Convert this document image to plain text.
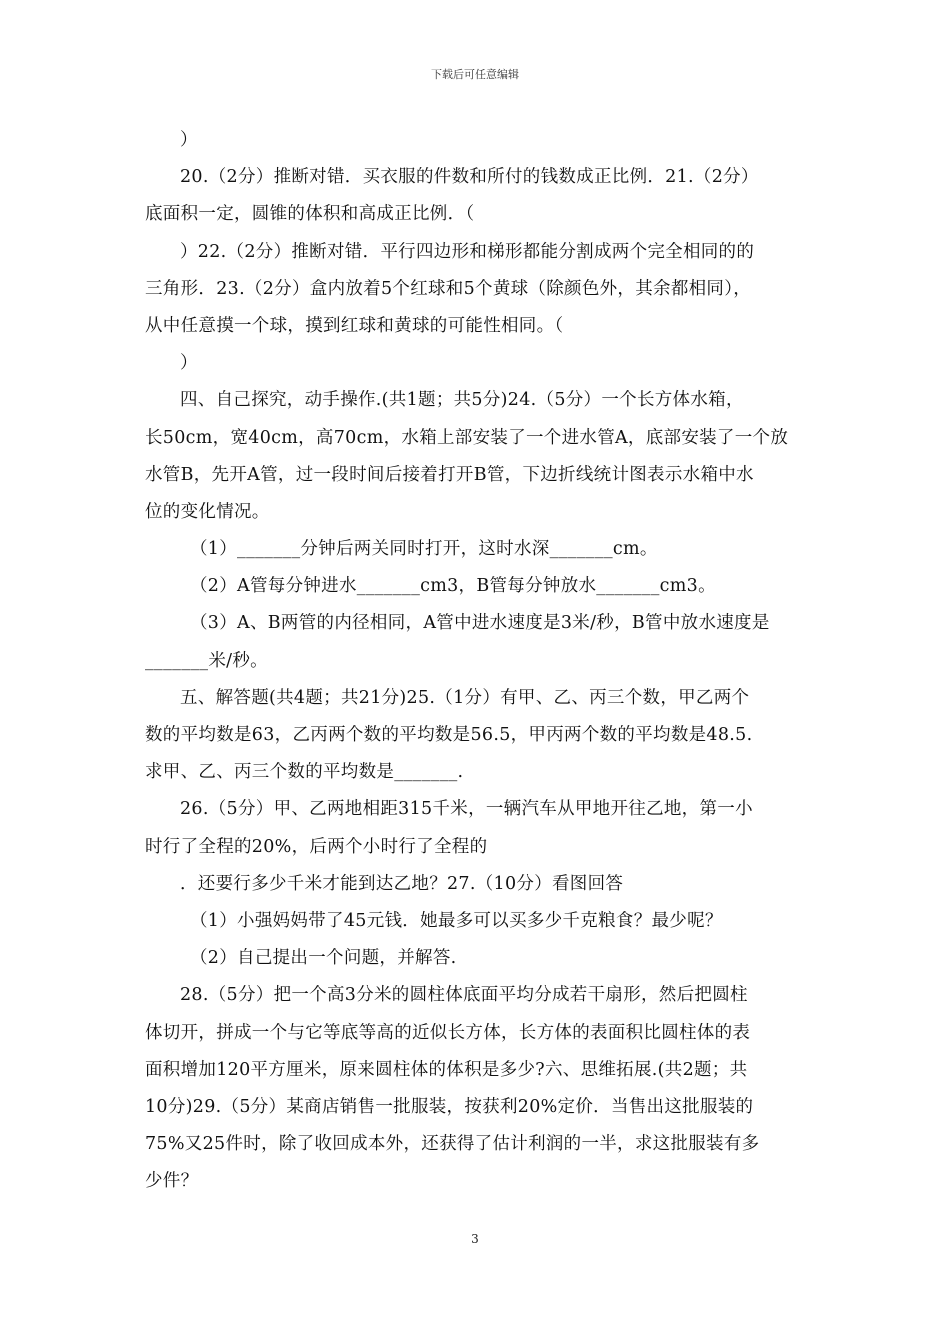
下载后可任意编辑
）
20.（2分）推断对错．买衣服的件数和所付的钱数成正比例．21.（2分）
底面积一定，圆锥的体积和高成正比例．（
）22.（2分）推断对错．平行四边形和梯形都能分割成两个完全相同的的
三角形．23.（2分）盒内放着5个红球和5个黄球（除颜色外，其余都相同），
从中任意摸一个球，摸到红球和黄球的可能性相同。（
）
四、自己探究，动手操作.(共1题；共5分)24.（5分）一个长方体水箱，
长50cm，宽40cm，高70cm，水箱上部安装了一个进水管A，底部安装了一个放
水管B，先开A管，过一段时间后接着打开B管，下边折线统计图表示水箱中水
位的变化情况。
（1）_______分钟后两关同时打开，这时水深_______cm。
（2）A管每分钟进水_______cm3，B管每分钟放水_______cm3。
（3）A、B两管的内径相同，A管中进水速度是3米/秒，B管中放水速度是
_______米/秒。
五、解答题(共4题；共21分)25.（1分）有甲、乙、丙三个数，甲乙两个
数的平均数是63，乙丙两个数的平均数是56.5，甲丙两个数的平均数是48.5.
求甲、乙、丙三个数的平均数是_______.
26.（5分）甲、乙两地相距315千米，一辆汽车从甲地开往乙地，第一小
时行了全程的20%，后两个小时行了全程的
．还要行多少千米才能到达乙地？27.（10分）看图回答
（1）小强妈妈带了45元钱．她最多可以买多少千克粮食？最少呢？
（2）自己提出一个问题，并解答.
28.（5分）把一个高3分米的圆柱体底面平均分成若干扇形，然后把圆柱
体切开，拼成一个与它等底等高的近似长方体，长方体的表面积比圆柱体的表
面积增加120平方厘米，原来圆柱体的体积是多少?六、思维拓展.(共2题；共
10分)29.（5分）某商店销售一批服装，按获利20%定价．当售出这批服装的
75%又25件时，除了收回成本外，还获得了估计利润的一半，求这批服装有多
少件？
3
